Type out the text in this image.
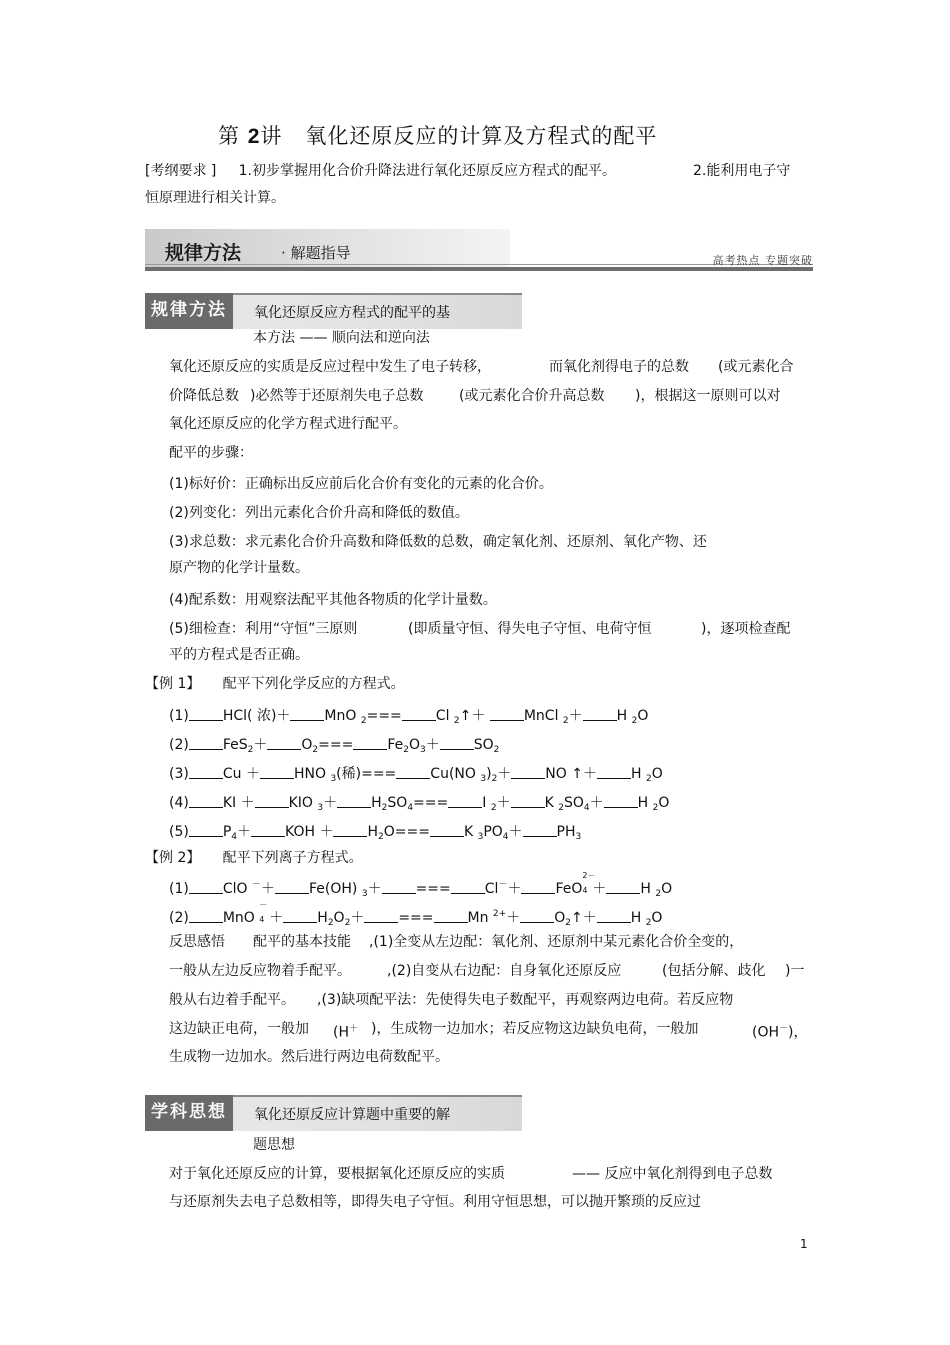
第 2讲 氧化还原反应的计算及方程式的配平
[考纲要求 ] 1.初步掌握用化合价升降法进行氧化还原反应方程式的配平。	2.能利用电子守
恒原理进行相关计算。
规律方法	· 解题指导	高考热点 专题突破
规律方法	氧化还原反应方程式的配平的基
本方法 —— 顺向法和逆向法
氧化还原反应的实质是反应过程中发生了电子转移，	而氧化剂得电子的总数 (或元素化合
价降低总数 )必然等于还原剂失电子总数	(或元素化合价升高总数 )，根据这一原则可以对
氧化还原反应的化学方程式进行配平。
配平的步骤：
(1)标好价：正确标出反应前后化合价有变化的元素的化合价。
(2)列变化：列出元素化合价升高和降低的数值。
(3)求总数：求元素化合价升高数和降低数的总数，确定氧化剂、还原剂、氧化产物、还
原产物的化学计量数。
(4)配系数：用观察法配平其他各物质的化学计量数。
(5)细检查：利用“守恒”三原则	(即质量守恒、得失电子守恒、电荷守恒	)，逐项检查配
平的方程式是否正确。
【例 1】 配平下列化学反应的方程式。
(1) HCl( 浓)＋ MnO $_2$=== Cl $_2$↑＋ MnCl $_2$＋ H $_2$O
(2) $FeS_2+ O_2=== Fe_2O_3+ SO_2$
(3) Cu ＋ HNO $_3$(稀)=== Cu(NO $_3)_2+$ NO ↑＋ H $_2$O
(4) KI ＋ KIO $_3+ H_2SO_4=== I$ $_2$＋ K $_2SO_4+ H$ $_2$O
(5) $P_4+$ KOH ＋ $H_2O=== K$ $_3PO_4+ PH_3$
【例 2】 配平下列离子方程式。
(1) ClO －＋ Fe(OH) $_3$＋ === Cl－＋ FeO
2－
4 ＋ H $_2$O
(2) MnO
－
$4 + H_2O_2+$ === Mn $^{2+}+ O_2↑+ H$ $_2$O
反思感悟 配平的基本技能 ,(1)全变从左边配：氧化剂、还原剂中某元素化合价全变的，
一般从左边反应物着手配平。	,(2)自变从右边配：自身氧化还原反应	(包括分解、歧化 )一
般从右边着手配平。 ,(3)缺项配平法：先使得失电子数配平，再观察两边电荷。若反应物
这边缺正电荷，一般加 (H＋ )，生成物一边加水；若反应物这边缺负电荷，一般加	(OH－)，
生成物一边加水。然后进行两边电荷数配平。
学科思想	氧化还原反应计算题中重要的解
题思想
对于氧化还原反应的计算，要根据氧化还原反应的实质	—— 反应中氧化剂得到电子总数
与还原剂失去电子总数相等，即得失电子守恒。利用守恒思想，可以抛开繁琐的反应过
1
